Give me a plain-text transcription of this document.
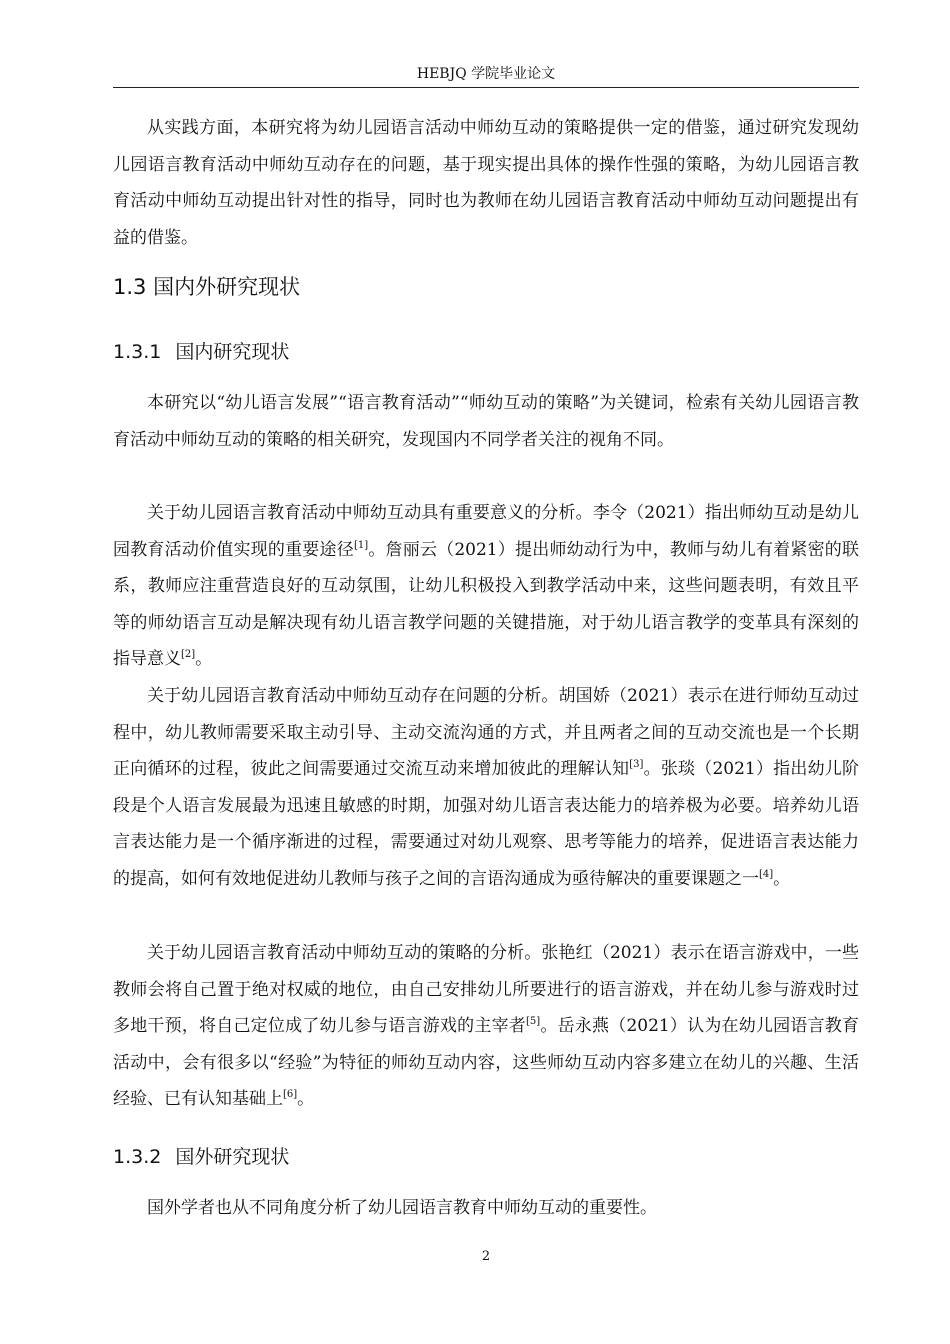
HEBJQ 学院毕业论文

从实践方面，本研究将为幼儿园语言活动中师幼互动的策略提供一定的借鉴，通过研究发现幼儿园语言教育活动中师幼互动存在的问题，基于现实提出具体的操作性强的策略，为幼儿园语言教育活动中师幼互动提出针对性的指导，同时也为教师在幼儿园语言教育活动中师幼互动问题提出有益的借鉴。

1.3 国内外研究现状
1.3.1 国内研究现状

本研究以“幼儿语言发展”“语言教育活动”“师幼互动的策略”为关键词，检索有关幼儿园语言教育活动中师幼互动的策略的相关研究，发现国内不同学者关注的视角不同。

关于幼儿园语言教育活动中师幼互动具有重要意义的分析。李令（2021）指出师幼互动是幼儿园教育活动价值实现的重要途径[1]。詹丽云（2021）提出师幼动行为中，教师与幼儿有着紧密的联系，教师应注重营造良好的互动氛围，让幼儿积极投入到教学活动中来，这些问题表明，有效且平等的师幼语言互动是解决现有幼儿语言教学问题的关键措施，对于幼儿语言教学的变革具有深刻的指导意义[2]。

关于幼儿园语言教育活动中师幼互动存在问题的分析。胡国娇（2021）表示在进行师幼互动过程中，幼儿教师需要采取主动引导、主动交流沟通的方式，并且两者之间的互动交流也是一个长期正向循环的过程，彼此之间需要通过交流互动来增加彼此的理解认知[3]。张琰（2021）指出幼儿阶段是个人语言发展最为迅速且敏感的时期，加强对幼儿语言表达能力的培养极为必要。培养幼儿语言表达能力是一个循序渐进的过程，需要通过对幼儿观察、思考等能力的培养，促进语言表达能力的提高，如何有效地促进幼儿教师与孩子之间的言语沟通成为亟待解决的重要课题之一[4]。

关于幼儿园语言教育活动中师幼互动的策略的分析。张艳红（2021）表示在语言游戏中，一些教师会将自己置于绝对权威的地位，由自己安排幼儿所要进行的语言游戏，并在幼儿参与游戏时过多地干预，将自己定位成了幼儿参与语言游戏的主宰者[5]。岳永燕（2021）认为在幼儿园语言教育活动中，会有很多以“经验”为特征的师幼互动内容，这些师幼互动内容多建立在幼儿的兴趣、生活经验、已有认知基础上[6]。

1.3.2 国外研究现状

国外学者也从不同角度分析了幼儿园语言教育中师幼互动的重要性。

2
